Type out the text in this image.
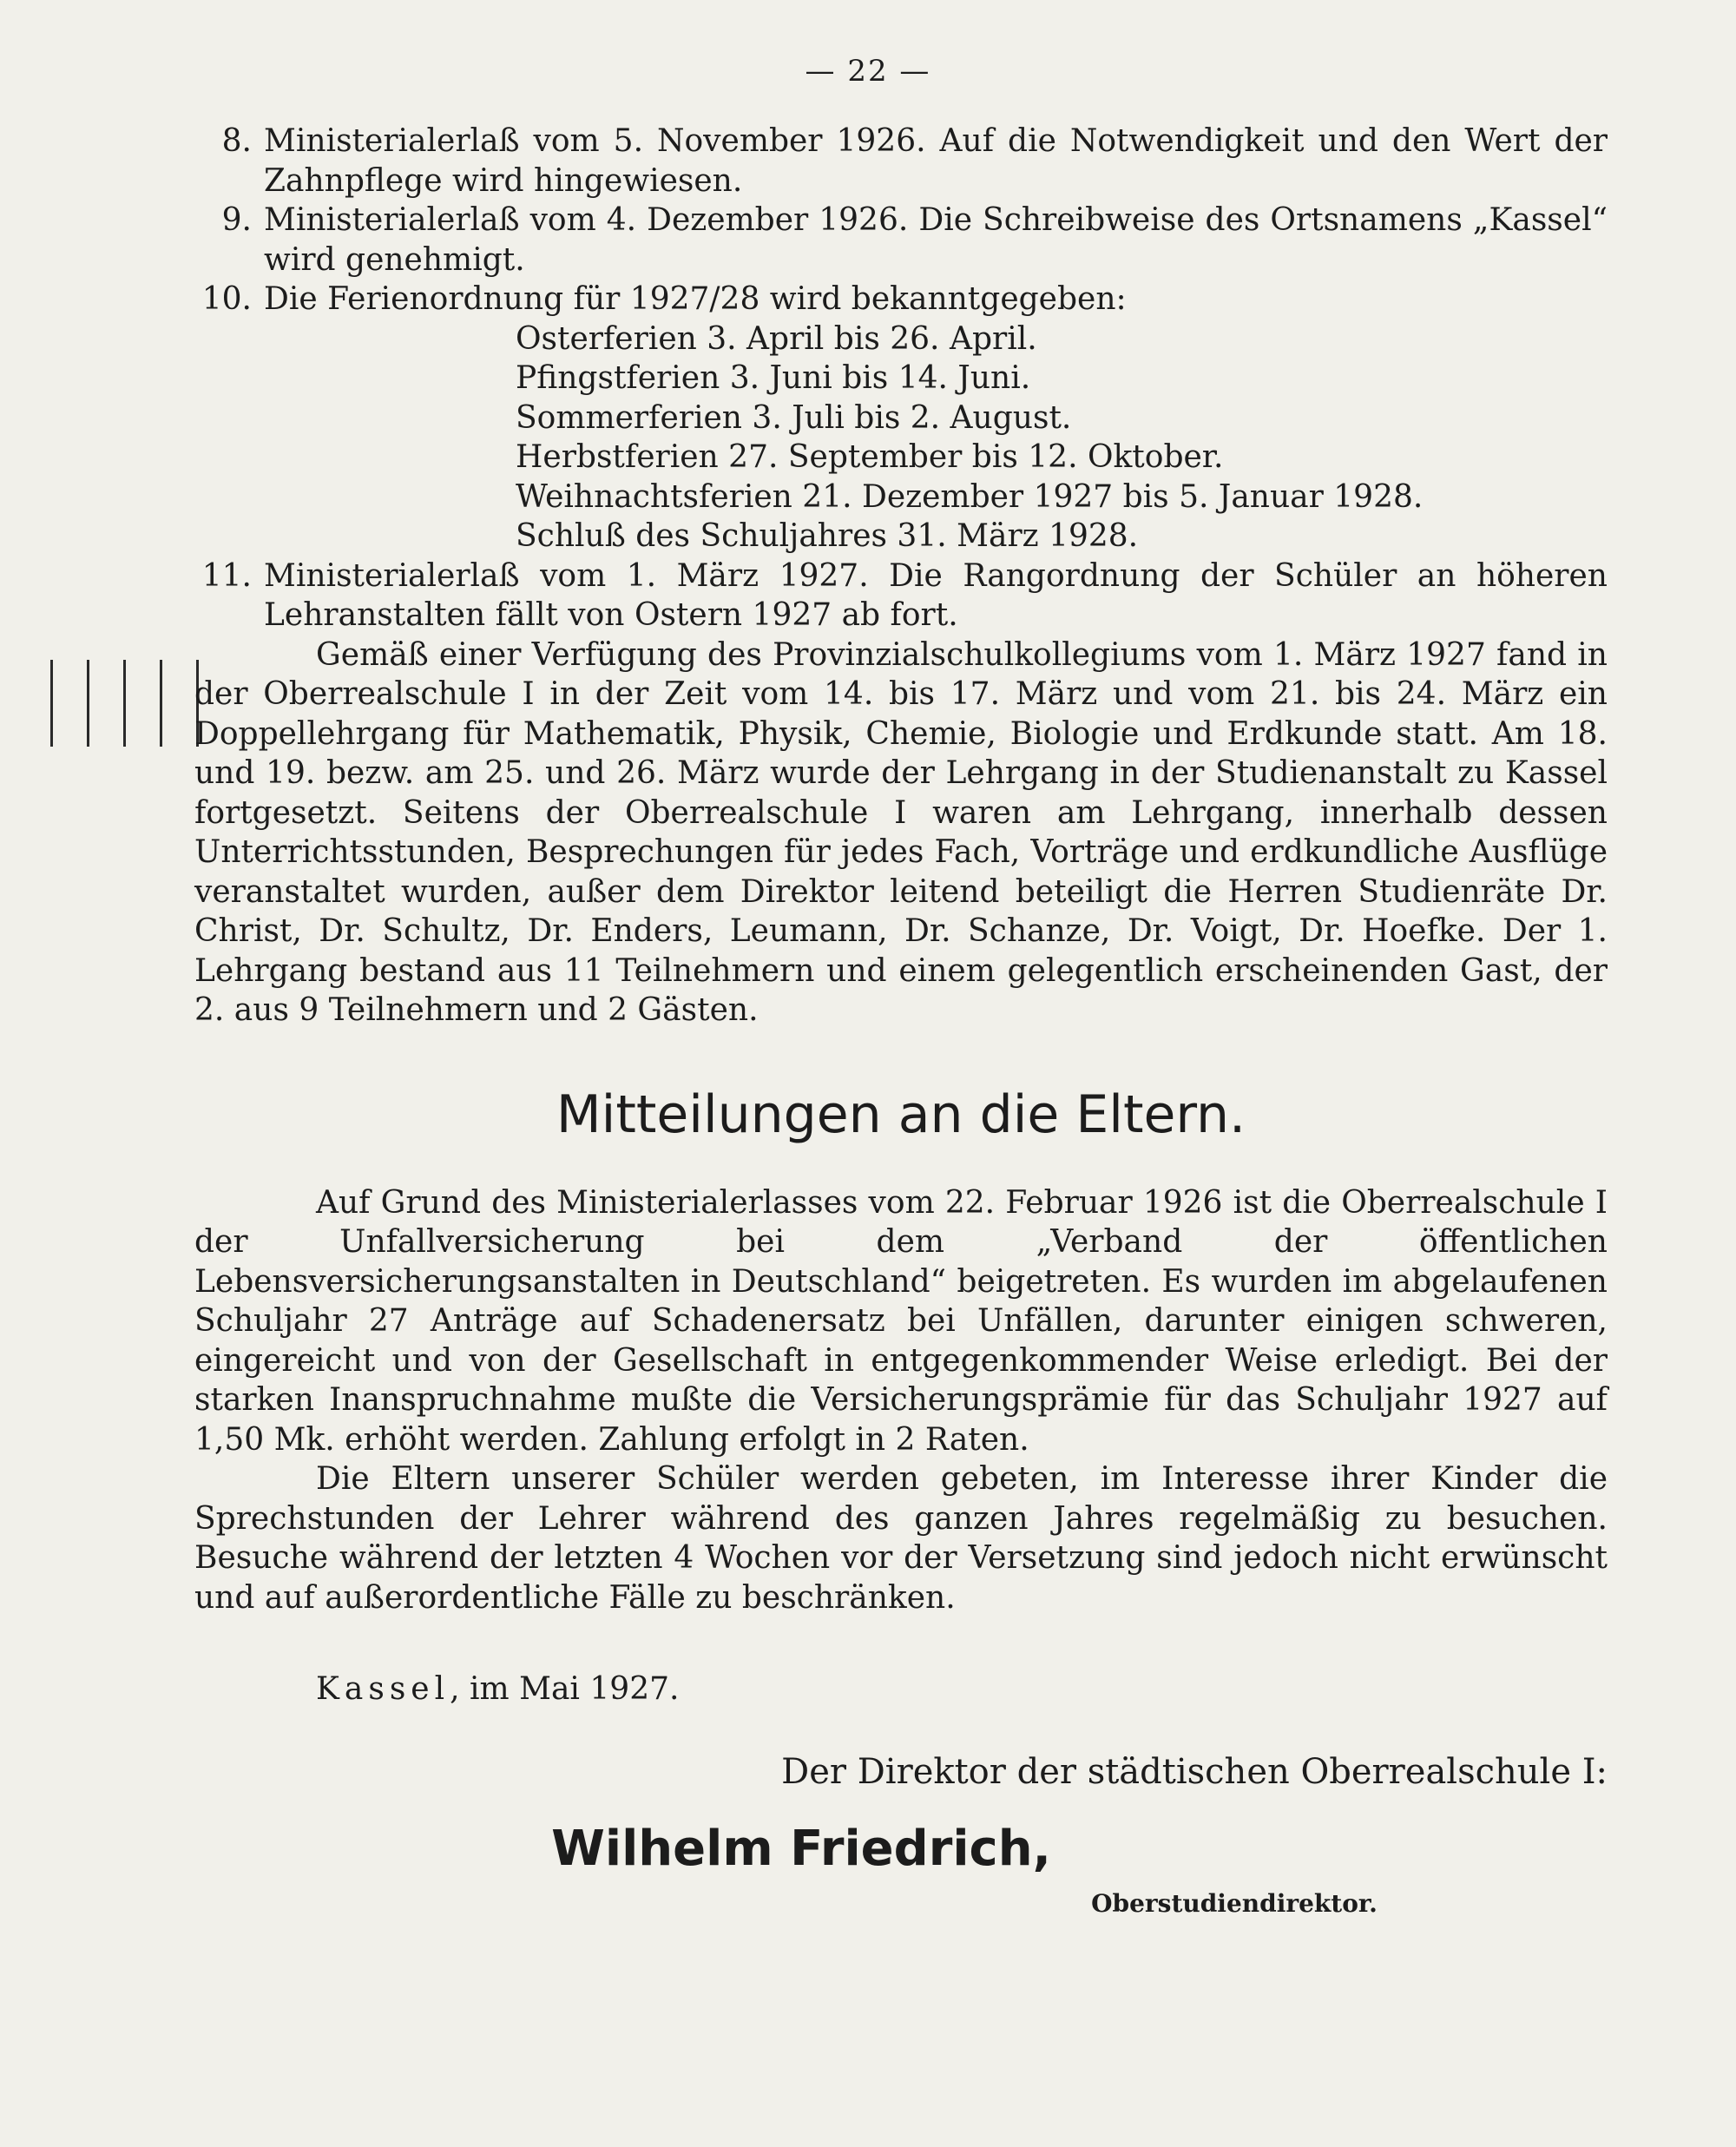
— 22 —
8. Ministerialerlaß vom 5. November 1926. Auf die Notwendigkeit und den Wert der Zahnpflege wird hingewiesen.
9. Ministerialerlaß vom 4. Dezember 1926. Die Schreibweise des Ortsnamens „Kassel“ wird genehmigt.
10. Die Ferienordnung für 1927/28 wird bekanntgegeben:
Osterferien 3. April bis 26. April.
Pfingstferien 3. Juni bis 14. Juni.
Sommerferien 3. Juli bis 2. August.
Herbstferien 27. September bis 12. Oktober.
Weihnachtsferien 21. Dezember 1927 bis 5. Januar 1928.
Schluß des Schuljahres 31. März 1928.
11. Ministerialerlaß vom 1. März 1927. Die Rangordnung der Schüler an höheren Lehranstalten fällt von Ostern 1927 ab fort.

Gemäß einer Verfügung des Provinzialschulkollegiums vom 1. März 1927 fand in der Oberrealschule I in der Zeit vom 14. bis 17. März und vom 21. bis 24. März ein Doppellehrgang für Mathematik, Physik, Chemie, Biologie und Erdkunde statt. Am 18. und 19. bezw. am 25. und 26. März wurde der Lehrgang in der Studienanstalt zu Kassel fortgesetzt. Seitens der Oberrealschule I waren am Lehrgang, innerhalb dessen Unterrichtsstunden, Besprechungen für jedes Fach, Vorträge und erdkundliche Ausflüge veranstaltet wurden, außer dem Direktor leitend beteiligt die Herren Studienräte Dr. Christ, Dr. Schultz, Dr. Enders, Leumann, Dr. Schanze, Dr. Voigt, Dr. Hoefke. Der 1. Lehrgang bestand aus 11 Teilnehmern und einem gelegentlich erscheinenden Gast, der 2. aus 9 Teilnehmern und 2 Gästen.

Mitteilungen an die Eltern.

Auf Grund des Ministerialerlasses vom 22. Februar 1926 ist die Oberrealschule I der Unfallversicherung bei dem „Verband der öffentlichen Lebensversicherungsanstalten in Deutschland“ beigetreten. Es wurden im abgelaufenen Schuljahr 27 Anträge auf Schadenersatz bei Unfällen, darunter einigen schweren, eingereicht und von der Gesellschaft in entgegenkommender Weise erledigt. Bei der starken Inanspruchnahme mußte die Versicherungsprämie für das Schuljahr 1927 auf 1,50 Mk. erhöht werden. Zahlung erfolgt in 2 Raten.

Die Eltern unserer Schüler werden gebeten, im Interesse ihrer Kinder die Sprechstunden der Lehrer während des ganzen Jahres regelmäßig zu besuchen. Besuche während der letzten 4 Wochen vor der Versetzung sind jedoch nicht erwünscht und auf außerordentliche Fälle zu beschränken.

Kassel, im Mai 1927.
Der Direktor der städtischen Oberrealschule I:
Wilhelm Friedrich,
Oberstudiendirektor.
